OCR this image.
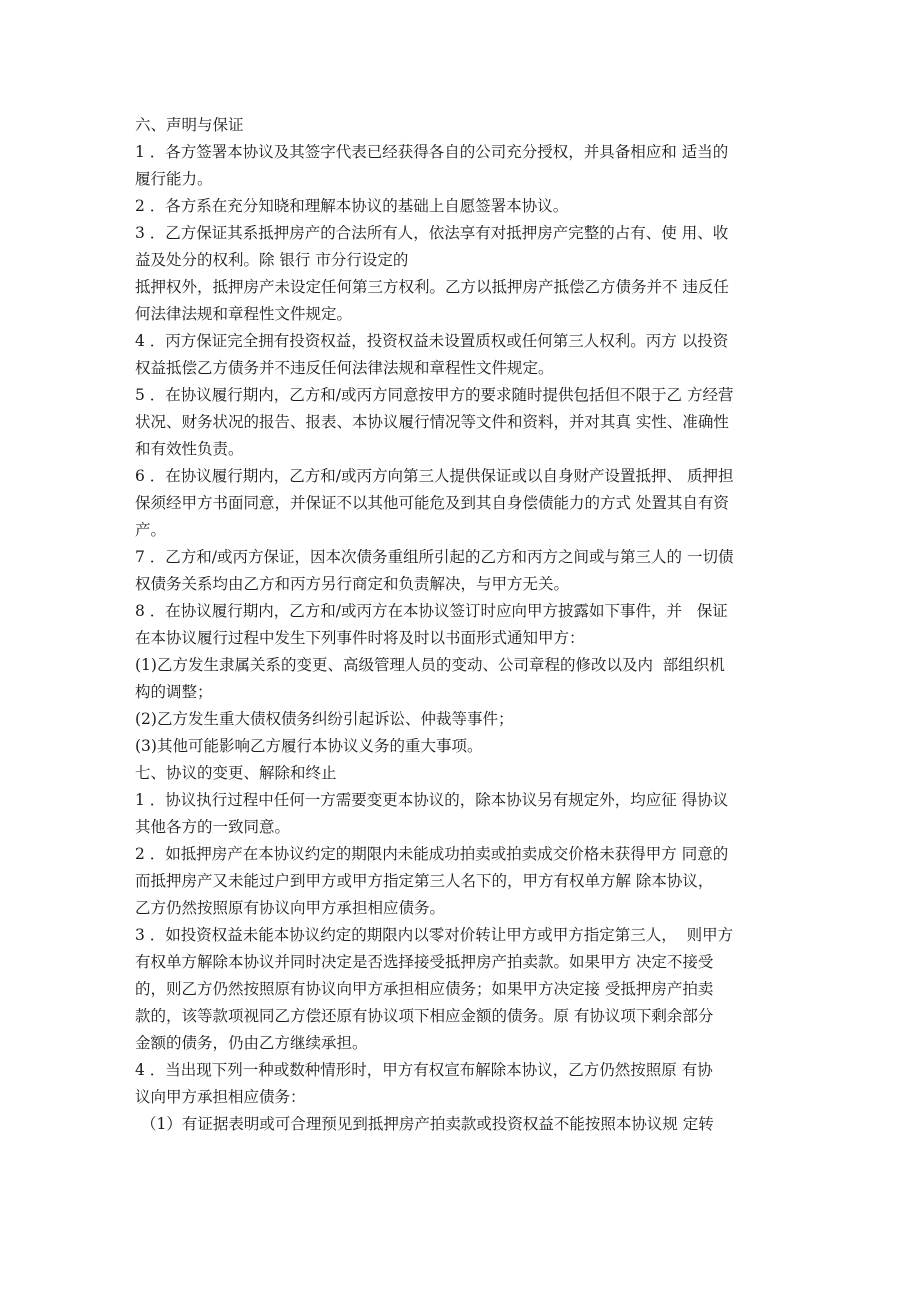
六、声明与保证
1 ．各方签署本协议及其签字代表已经获得各自的公司充分授权，并具备相应和 适当的
履行能力。
2 ．各方系在充分知晓和理解本协议的基础上自愿签署本协议。
3 ．乙方保证其系抵押房产的合法所有人，依法享有对抵押房产完整的占有、使 用、收
益及处分的权利。除 银行 市分行设定的
抵押权外，抵押房产未设定任何第三方权利。乙方以抵押房产抵偿乙方债务并不 违反任
何法律法规和章程性文件规定。
4 ．丙方保证完全拥有投资权益，投资权益未设置质权或任何第三人权利。丙方 以投资
权益抵偿乙方债务并不违反任何法律法规和章程性文件规定。
5 ．在协议履行期内，乙方和/或丙方同意按甲方的要求随时提供包括但不限于乙 方经营
状况、财务状况的报告、报表、本协议履行情况等文件和资料，并对其真 实性、准确性
和有效性负责。
6 ．在协议履行期内，乙方和/或丙方向第三人提供保证或以自身财产设置抵押、 质押担
保须经甲方书面同意，并保证不以其他可能危及到其自身偿债能力的方式 处置其自有资
产。
7 ．乙方和/或丙方保证，因本次债务重组所引起的乙方和丙方之间或与第三人的 一切债
权债务关系均由乙方和丙方另行商定和负责解决，与甲方无关。
8 ．在协议履行期内，乙方和/或丙方在本协议签订时应向甲方披露如下事件，并   保证
在本协议履行过程中发生下列事件时将及时以书面形式通知甲方：
(1)乙方发生隶属关系的变更、高级管理人员的变动、公司章程的修改以及内  部组织机
构的调整；
(2)乙方发生重大债权债务纠纷引起诉讼、仲裁等事件；
(3)其他可能影响乙方履行本协议义务的重大事项。
七、协议的变更、解除和终止
1 ．协议执行过程中任何一方需要变更本协议的，除本协议另有规定外，均应征 得协议
其他各方的一致同意。
2 ．如抵押房产在本协议约定的期限内未能成功拍卖或拍卖成交价格未获得甲方 同意的
而抵押房产又未能过户到甲方或甲方指定第三人名下的，甲方有权单方解 除本协议，
乙方仍然按照原有协议向甲方承担相应债务。
3 ．如投资权益未能本协议约定的期限内以零对价转让甲方或甲方指定第三人，  则甲方
有权单方解除本协议并同时决定是否选择接受抵押房产拍卖款。如果甲方 决定不接受
的，则乙方仍然按照原有协议向甲方承担相应债务；如果甲方决定接 受抵押房产拍卖
款的，该等款项视同乙方偿还原有协议项下相应金额的债务。原 有协议项下剩余部分
金额的债务，仍由乙方继续承担。
4 ．当出现下列一种或数种情形时，甲方有权宣布解除本协议，乙方仍然按照原 有协
议向甲方承担相应债务：
（1）有证据表明或可合理预见到抵押房产拍卖款或投资权益不能按照本协议规 定转
